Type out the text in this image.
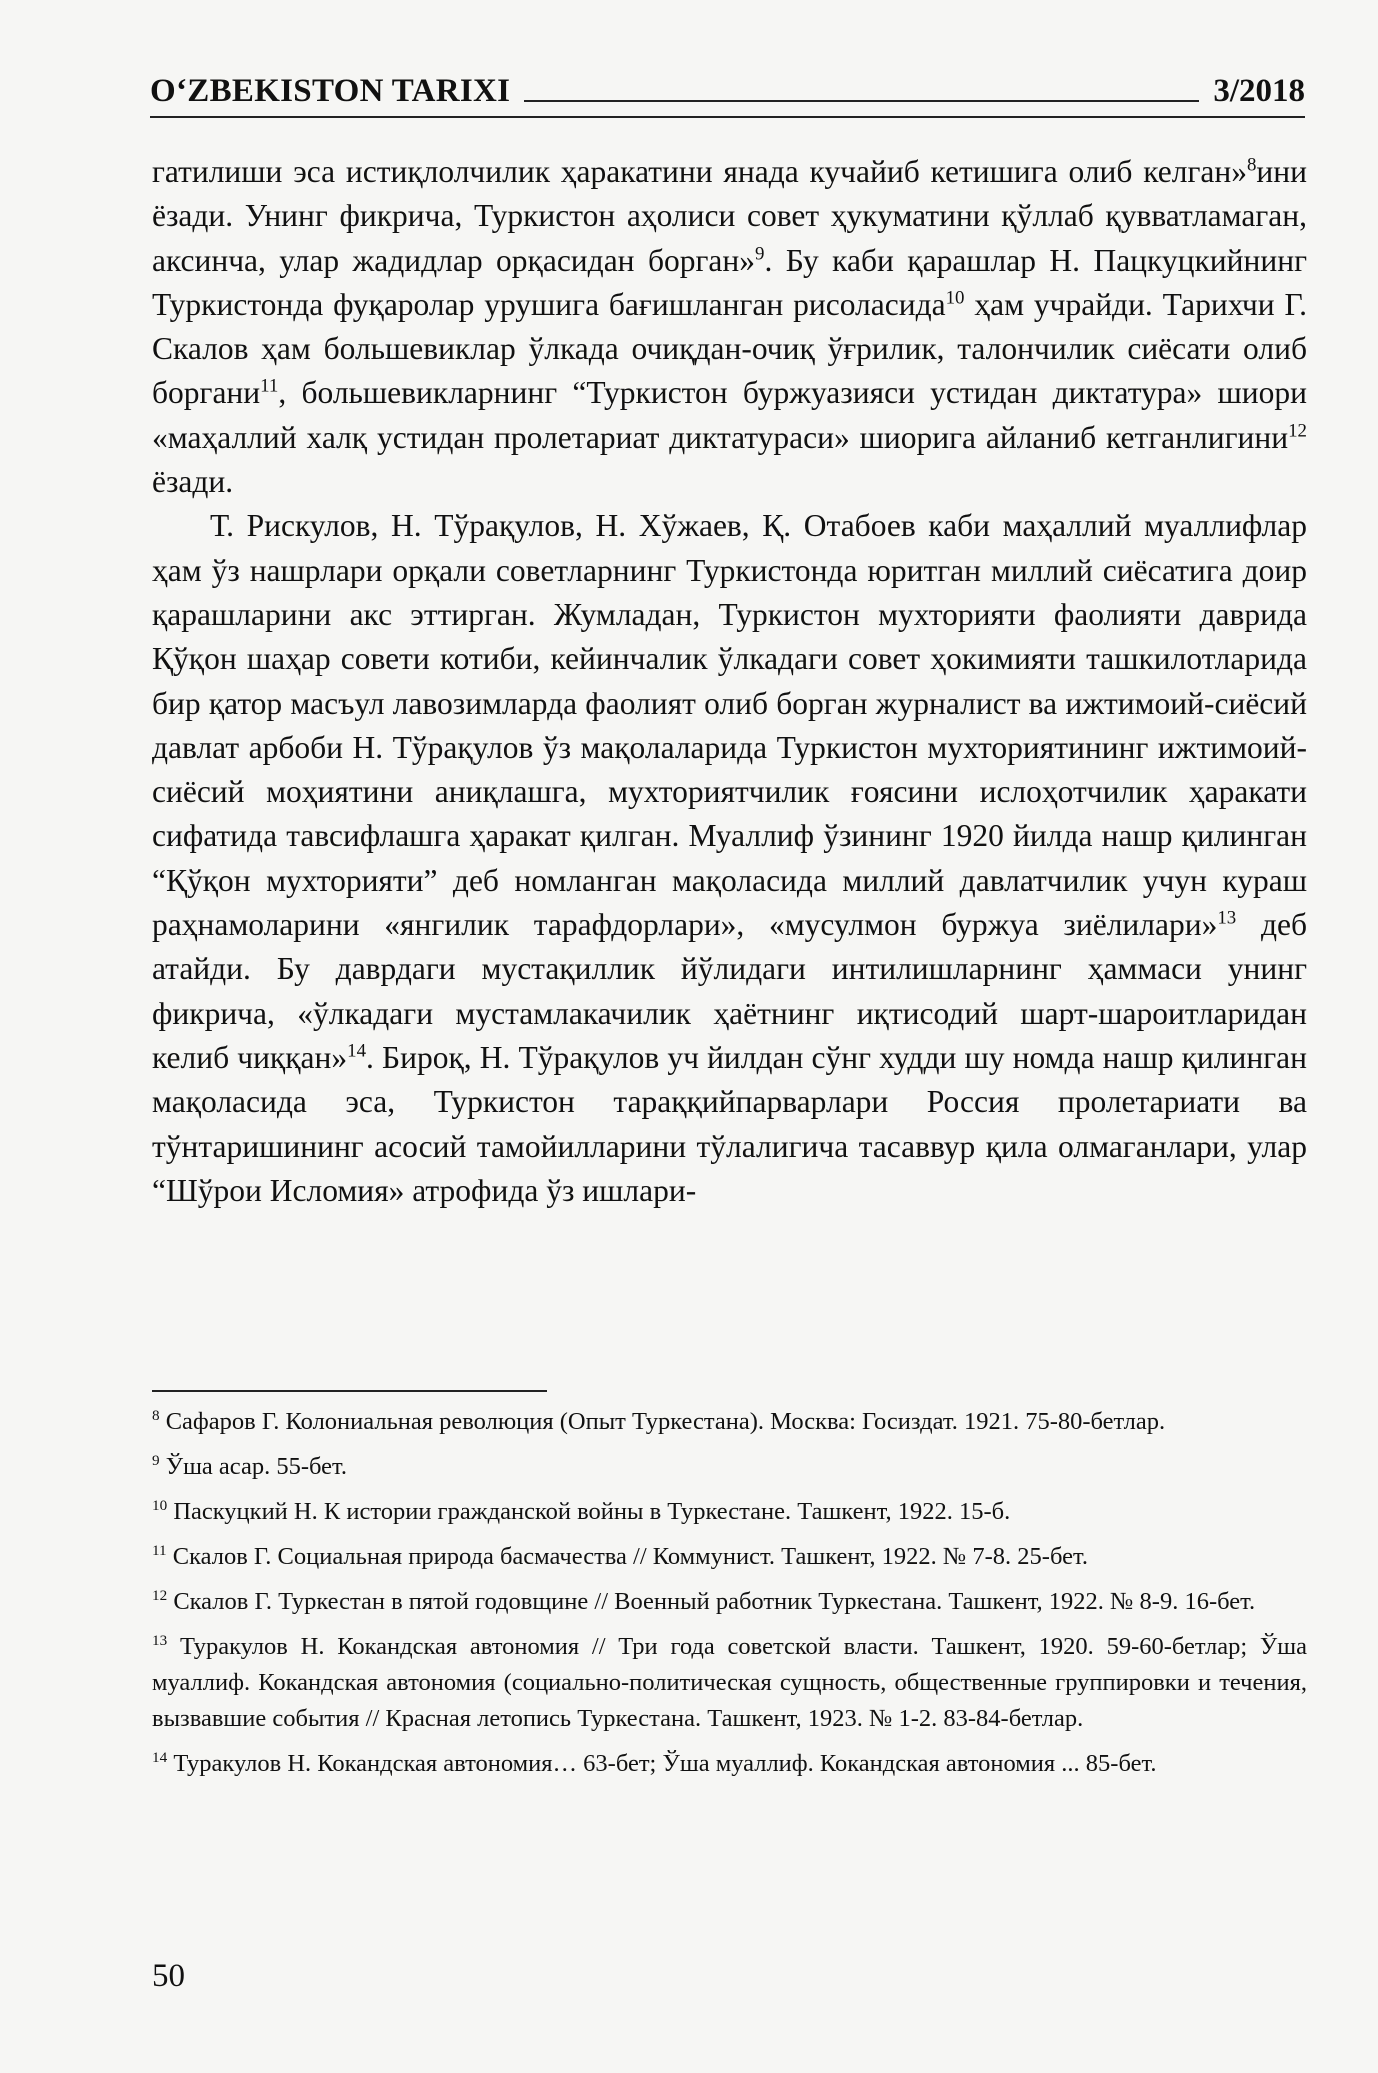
O‘ZBEKISTON TARIXI	3/2018

гатилиши эса истиқлолчилик ҳаракатини янада кучайиб кетишига олиб келган»$^8$ини ёзади. Унинг фикрича, Туркистон аҳолиси совет ҳукуматини қўллаб қувватламаган, аксинча, улар жадидлар орқасидан борган»$^9$. Бу каби қарашлар Н. Пацкуцкийнинг Туркистонда фуқаролар урушига бағишланган рисоласида$^{10}$ ҳам учрайди. Тарихчи Г. Скалов ҳам большевиклар ўлкада очиқдан-очиқ ўғрилик, талончилик сиёсати олиб боргани$^{11}$, большевикларнинг “Туркистон буржуазияси устидан диктатура» шиори «маҳаллий халқ устидан пролетариат диктатураси» шиорига айланиб кетганлигини$^{12}$ ёзади.

Т. Рискулов, Н. Тўрақулов, Н. Хўжаев, Қ. Отабоев каби маҳаллий муаллифлар ҳам ўз нашрлари орқали советларнинг Туркистонда юритган миллий сиёсатига доир қарашларини акс эттирган. Жумладан, Туркистон мухторияти фаолияти даврида Қўқон шаҳар совети котиби, кейинчалик ўлкадаги совет ҳокимияти ташкилотларида бир қатор масъул лавозимларда фаолият олиб борган журналист ва ижтимоий-сиёсий давлат арбоби Н. Тўрақулов ўз мақолаларида Туркистон мухториятининг ижтимоий-сиёсий моҳиятини аниқлашга, мухториятчилик ғоясини ислоҳотчилик ҳаракати сифатида тавсифлашга ҳаракат қилган. Муаллиф ўзининг 1920 йилда нашр қилинган “Қўқон мухторияти” деб номланган мақоласида миллий давлатчилик учун кураш раҳнамоларини «янгилик тарафдорлари», «мусулмон буржуа зиёлилари»$^{13}$ деб атайди. Бу даврдаги мустақиллик йўлидаги интилишларнинг ҳаммаси унинг фикрича, «ўлкадаги мустамлакачилик ҳаётнинг иқтисодий шарт-шароитларидан келиб чиққан»$^{14}$. Бироқ, Н. Тўрақулов уч йилдан сўнг худди шу номда нашр қилинган мақоласида эса, Туркистон тараққийпарварлари Россия пролетариати ва тўнтаришининг асосий тамойилларини тўлалигича тасаввур қила олмаганлари, улар “Шўрои Исломия» атрофида ўз ишлари-

$^8$ Сафаров Г. Колониальная революция (Опыт Туркестана). Москва: Госиздат. 1921. 75-80-бетлар.
$^9$ Ўша асар. 55-бет.
$^{10}$ Паскуцкий Н. К истории гражданской войны в Туркестане. Ташкент, 1922. 15-б.
$^{11}$ Скалов Г. Социальная природа басмачества // Коммунист. Ташкент, 1922. № 7-8. 25-бет.
$^{12}$ Скалов Г. Туркестан в пятой годовщине // Военный работник Туркестана. Ташкент, 1922. № 8-9. 16-бет.
$^{13}$ Туракулов Н. Кокандская автономия // Три года советской власти. Ташкент, 1920. 59-60-бетлар; Ўша муаллиф. Кокандская автономия (социально-политическая сущность, общественные группировки и течения, вызвавшие события // Красная летопись Туркестана. Ташкент, 1923. № 1-2. 83-84-бетлар.
$^{14}$ Туракулов Н. Кокандская автономия… 63-бет; Ўша муаллиф. Кокандская автономия ... 85-бет.
50
